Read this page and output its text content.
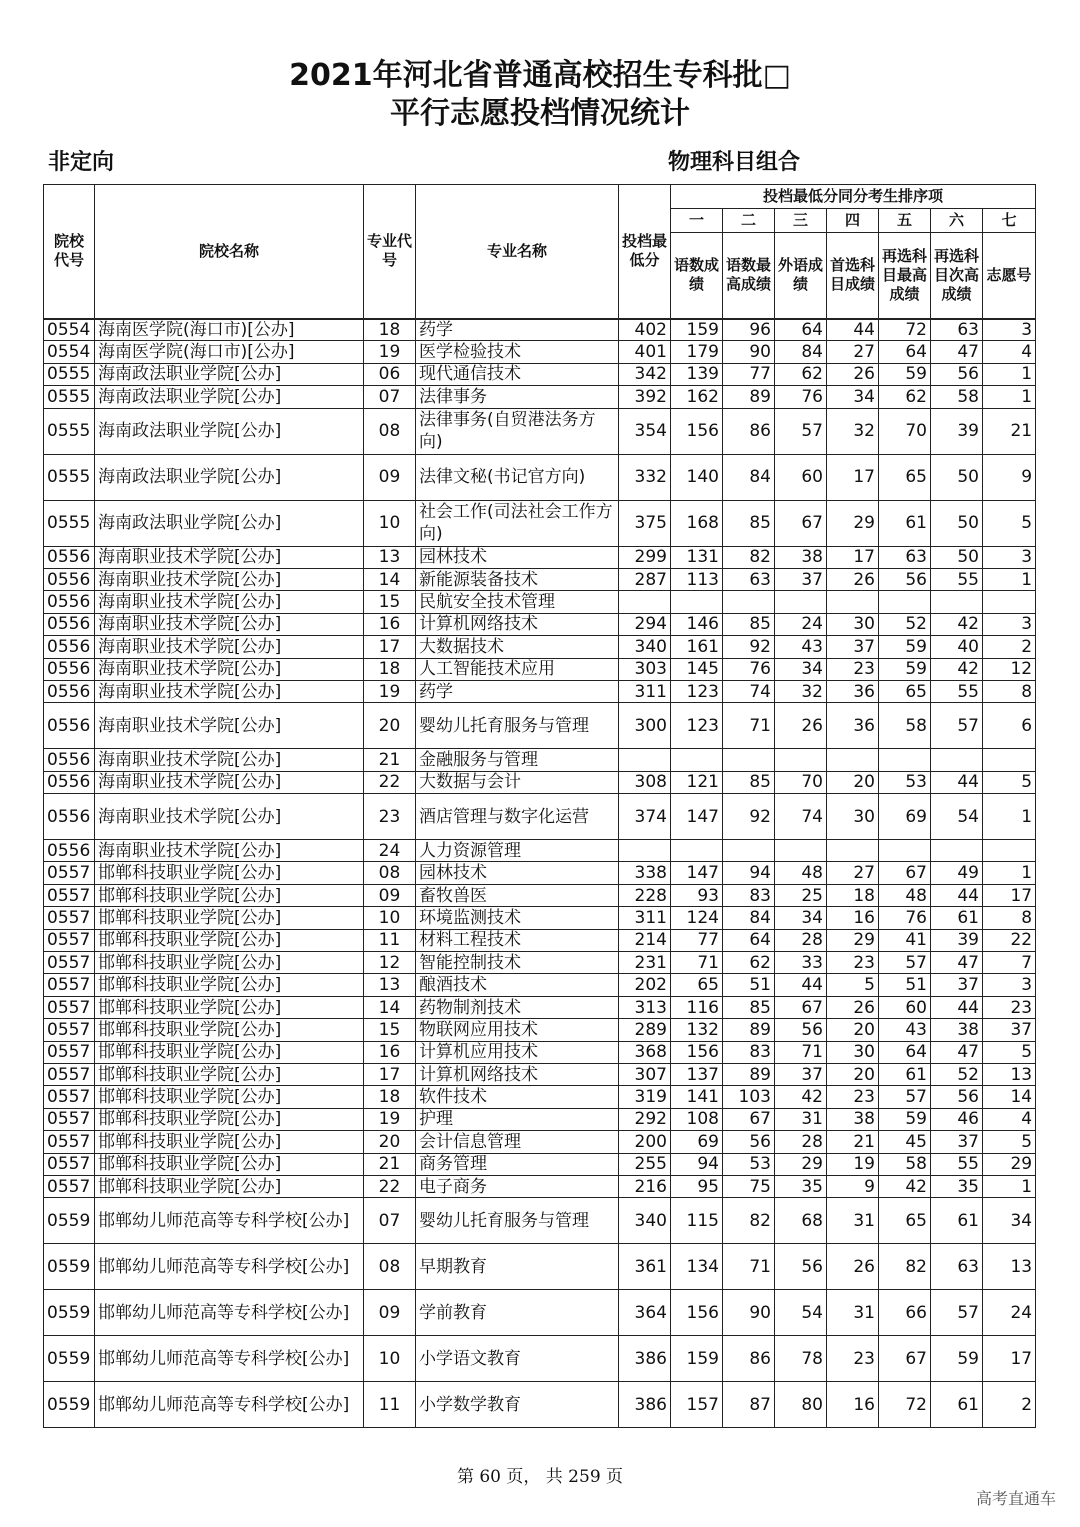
2021年河北省普通高校招生专科批□
平行志愿投档情况统计
非定向	物理科目组合
院校代号	院校名称	专业代号	专业名称	投档最低分	投档最低分同分考生排序项						
					一	二	三	四	五	六	七
					语数成绩	语数最高成绩	外语成绩	首选科目成绩	再选科目最高成绩	再选科目次高成绩	志愿号
0554	海南医学院(海口市)[公办]	18	药学	402	159	96	64	44	72	63	3
0554	海南医学院(海口市)[公办]	19	医学检验技术	401	179	90	84	27	64	47	4
0555	海南政法职业学院[公办]	06	现代通信技术	342	139	77	62	26	59	56	1
0555	海南政法职业学院[公办]	07	法律事务	392	162	89	76	34	62	58	1
0555	海南政法职业学院[公办]	08	法律事务(自贸港法务方向)	354	156	86	57	32	70	39	21
0555	海南政法职业学院[公办]	09	法律文秘(书记官方向)	332	140	84	60	17	65	50	9
0555	海南政法职业学院[公办]	10	社会工作(司法社会工作方向)	375	168	85	67	29	61	50	5
0556	海南职业技术学院[公办]	13	园林技术	299	131	82	38	17	63	50	3
0556	海南职业技术学院[公办]	14	新能源装备技术	287	113	63	37	26	56	55	1
0556	海南职业技术学院[公办]	15	民航安全技术管理								
0556	海南职业技术学院[公办]	16	计算机网络技术	294	146	85	24	30	52	42	3
0556	海南职业技术学院[公办]	17	大数据技术	340	161	92	43	37	59	40	2
0556	海南职业技术学院[公办]	18	人工智能技术应用	303	145	76	34	23	59	42	12
0556	海南职业技术学院[公办]	19	药学	311	123	74	32	36	65	55	8
0556	海南职业技术学院[公办]	20	婴幼儿托育服务与管理	300	123	71	26	36	58	57	6
0556	海南职业技术学院[公办]	21	金融服务与管理								
0556	海南职业技术学院[公办]	22	大数据与会计	308	121	85	70	20	53	44	5
0556	海南职业技术学院[公办]	23	酒店管理与数字化运营	374	147	92	74	30	69	54	1
0556	海南职业技术学院[公办]	24	人力资源管理								
0557	邯郸科技职业学院[公办]	08	园林技术	338	147	94	48	27	67	49	1
0557	邯郸科技职业学院[公办]	09	畜牧兽医	228	93	83	25	18	48	44	17
0557	邯郸科技职业学院[公办]	10	环境监测技术	311	124	84	34	16	76	61	8
0557	邯郸科技职业学院[公办]	11	材料工程技术	214	77	64	28	29	41	39	22
0557	邯郸科技职业学院[公办]	12	智能控制技术	231	71	62	33	23	57	47	7
0557	邯郸科技职业学院[公办]	13	酿酒技术	202	65	51	44	5	51	37	3
0557	邯郸科技职业学院[公办]	14	药物制剂技术	313	116	85	67	26	60	44	23
0557	邯郸科技职业学院[公办]	15	物联网应用技术	289	132	89	56	20	43	38	37
0557	邯郸科技职业学院[公办]	16	计算机应用技术	368	156	83	71	30	64	47	5
0557	邯郸科技职业学院[公办]	17	计算机网络技术	307	137	89	37	20	61	52	13
0557	邯郸科技职业学院[公办]	18	软件技术	319	141	103	42	23	57	56	14
0557	邯郸科技职业学院[公办]	19	护理	292	108	67	31	38	59	46	4
0557	邯郸科技职业学院[公办]	20	会计信息管理	200	69	56	28	21	45	37	5
0557	邯郸科技职业学院[公办]	21	商务管理	255	94	53	29	19	58	55	29
0557	邯郸科技职业学院[公办]	22	电子商务	216	95	75	35	9	42	35	1
0559	邯郸幼儿师范高等专科学校[公办]	07	婴幼儿托育服务与管理	340	115	82	68	31	65	61	34
0559	邯郸幼儿师范高等专科学校[公办]	08	早期教育	361	134	71	56	26	82	63	13
0559	邯郸幼儿师范高等专科学校[公办]	09	学前教育	364	156	90	54	31	66	57	24
0559	邯郸幼儿师范高等专科学校[公办]	10	小学语文教育	386	159	86	78	23	67	59	17
0559	邯郸幼儿师范高等专科学校[公办]	11	小学数学教育	386	157	87	80	16	72	61	2
第 60 页， 共 259 页
高考直通车
